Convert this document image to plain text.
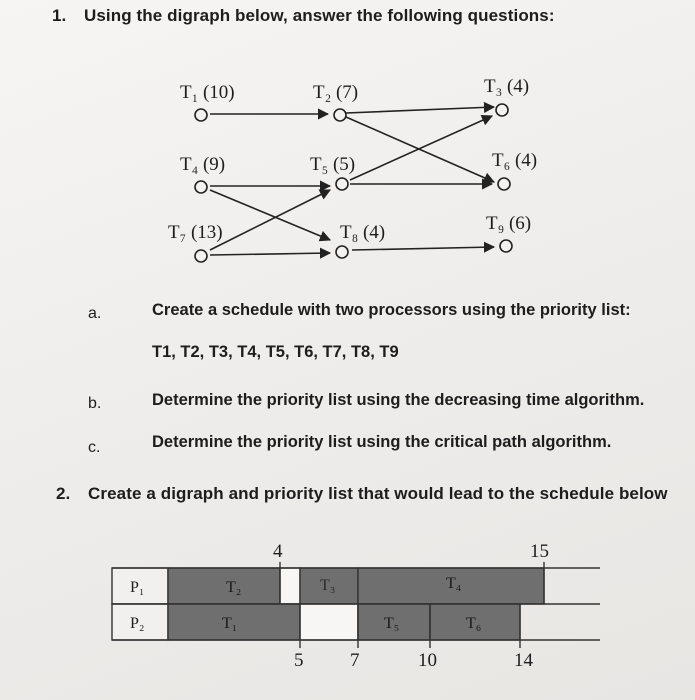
1. Using the digraph below, answer the following questions:
T₁ (10)	T₂ (7)	T₃ (4)
T₄ (9)	T₅ (5)	T₆ (4)
T₇ (13)	T₈ (4)	T₉ (6)
a.	Create a schedule with two processors using the priority list:
T1, T2, T3, T4, T5, T6, T7, T8, T9
b.	Determine the priority list using the decreasing time algorithm.
c.	Determine the priority list using the critical path algorithm.
2. Create a digraph and priority list that would lead to the schedule below
P₁
P₂
T₂	T₃	T₄
T₁	T₅	T₆
4	15
5 7	10	14
